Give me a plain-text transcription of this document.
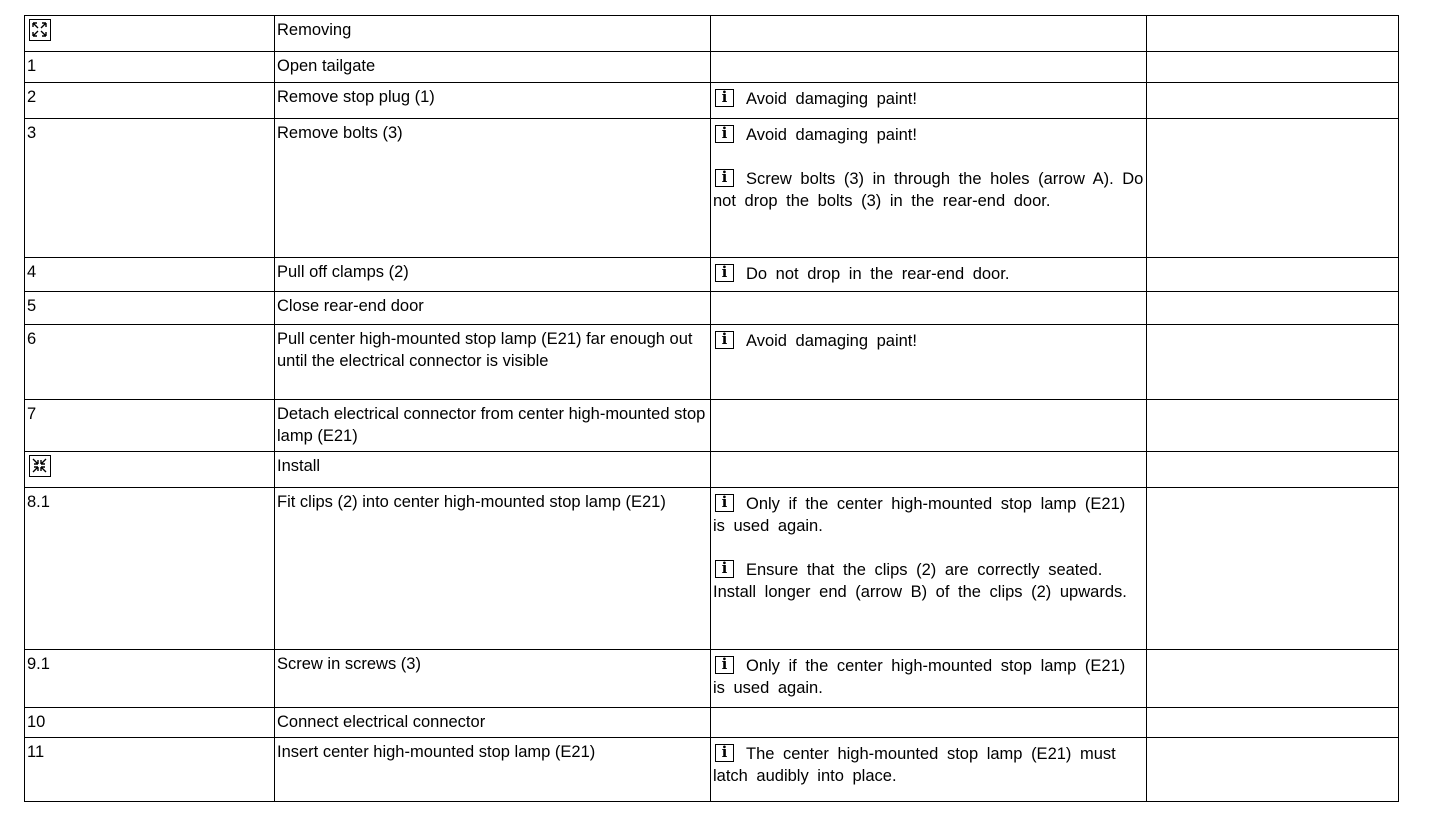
	Removing		
1	Open tailgate		
2	Remove stop plug (1)	i Avoid damaging paint!	

3	Remove bolts (3)	i Avoid damaging paint!
i Screw bolts (3) in through the holes (arrow A). Do not drop the bolts (3) in the rear-end door.	

4	Pull off clamps (2)	i Do not drop in the rear-end door.	

5	Close rear-end door		
6	Pull center high-mounted stop lamp (E21) far enough out until the electrical connector is visible	i Avoid damaging paint!	

7	Detach electrical connector from center high-mounted stop lamp (E21)		

	Install		
8.1	Fit clips (2) into center high-mounted stop lamp (E21)	i Only if the center high-mounted stop lamp (E21) is used again.
i Ensure that the clips (2) are correctly seated. Install longer end (arrow B) of the clips (2) upwards.	

9.1	Screw in screws (3)	i Only if the center high-mounted stop lamp (E21) is used again.	

10	Connect electrical connector		
11	Insert center high-mounted stop lamp (E21)	i The center high-mounted stop lamp (E21) must latch audibly into place.	
